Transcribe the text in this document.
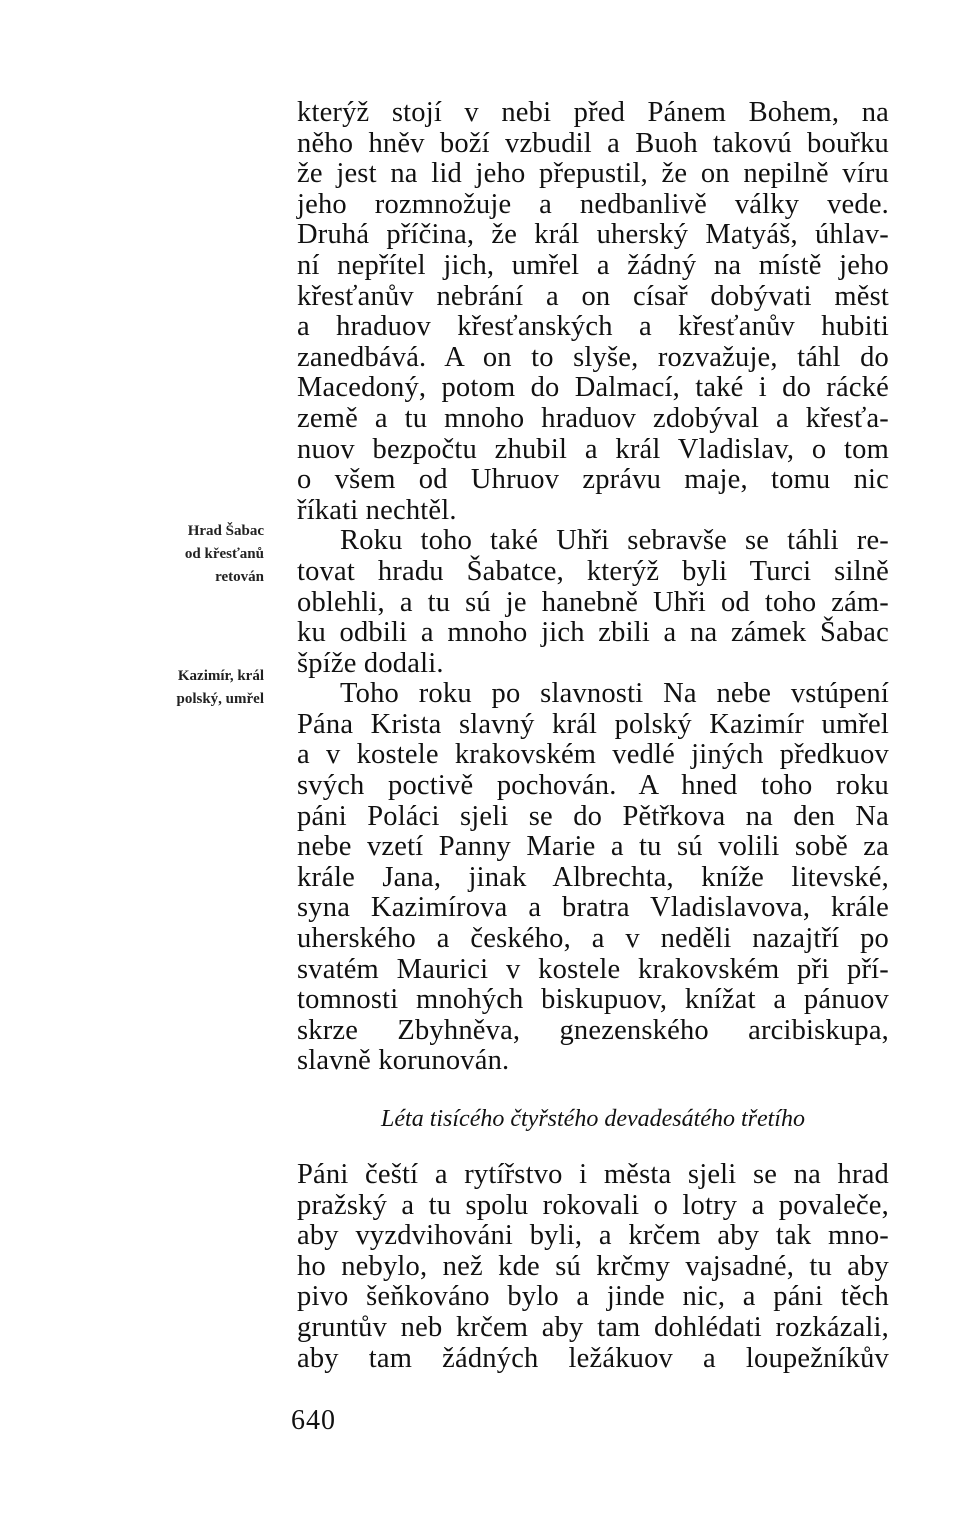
kterýž stojí v nebi před Pánem Bohem, na
něho hněv boží vzbudil a Buoh takovú bouřku
že jest na lid jeho přepustil, že on nepilně víru
jeho rozmnožuje a nedbanlivě války vede.
Druhá příčina, že král uherský Matyáš, úhlav-
ní nepřítel jich, umřel a žádný na místě jeho
křesťanův nebrání a on císař dobývati měst
a hraduov křesťanských a křesťanův hubiti
zanedbává. A on to slyše, rozvažuje, táhl do
Macedoný, potom do Dalmací, také i do rácké
země a tu mnoho hraduov zdobýval a křesťa-
nuov bezpočtu zhubil a král Vladislav, o tom
o všem od Uhruov zprávu maje, tomu nic
říkati nechtěl.
Roku toho také Uhři sebravše se táhli re-
tovat hradu Šabatce, kterýž byli Turci silně
oblehli, a tu sú je hanebně Uhři od toho zám-
ku odbili a mnoho jich zbili a na zámek Šabac
špíže dodali.
Toho roku po slavnosti Na nebe vstúpení
Pána Krista slavný král polský Kazimír umřel
a v kostele krakovském vedlé jiných předkuov
svých poctivě pochován. A hned toho roku
páni Poláci sjeli se do Pětřkova na den Na
nebe vzetí Panny Marie a tu sú volili sobě za
krále Jana, jinak Albrechta, kníže litevské,
syna Kazimírova a bratra Vladislavova, krále
uherského a českého, a v neděli nazajtří po
svatém Maurici v kostele krakovském při pří-
tomnosti mnohých biskupuov, knížat a pánuov
skrze Zbyhněva, gnezenského arcibiskupa,
slavně korunován.
Hrad Šabac
od křesťanů
retován
Kazimír, král
polský, umřel
Léta tisícého čtyřstého devadesátého třetího
Páni čeští a rytířstvo i města sjeli se na hrad
pražský a tu spolu rokovali o lotry a povaleče,
aby vyzdvihováni byli, a krčem aby tak mno-
ho nebylo, než kde sú krčmy vajsadné, tu aby
pivo šeňkováno bylo a jinde nic, a páni těch
gruntův neb krčem aby tam dohlédati rozkázali,
aby tam žádných ležákuov a loupežníkův
640
